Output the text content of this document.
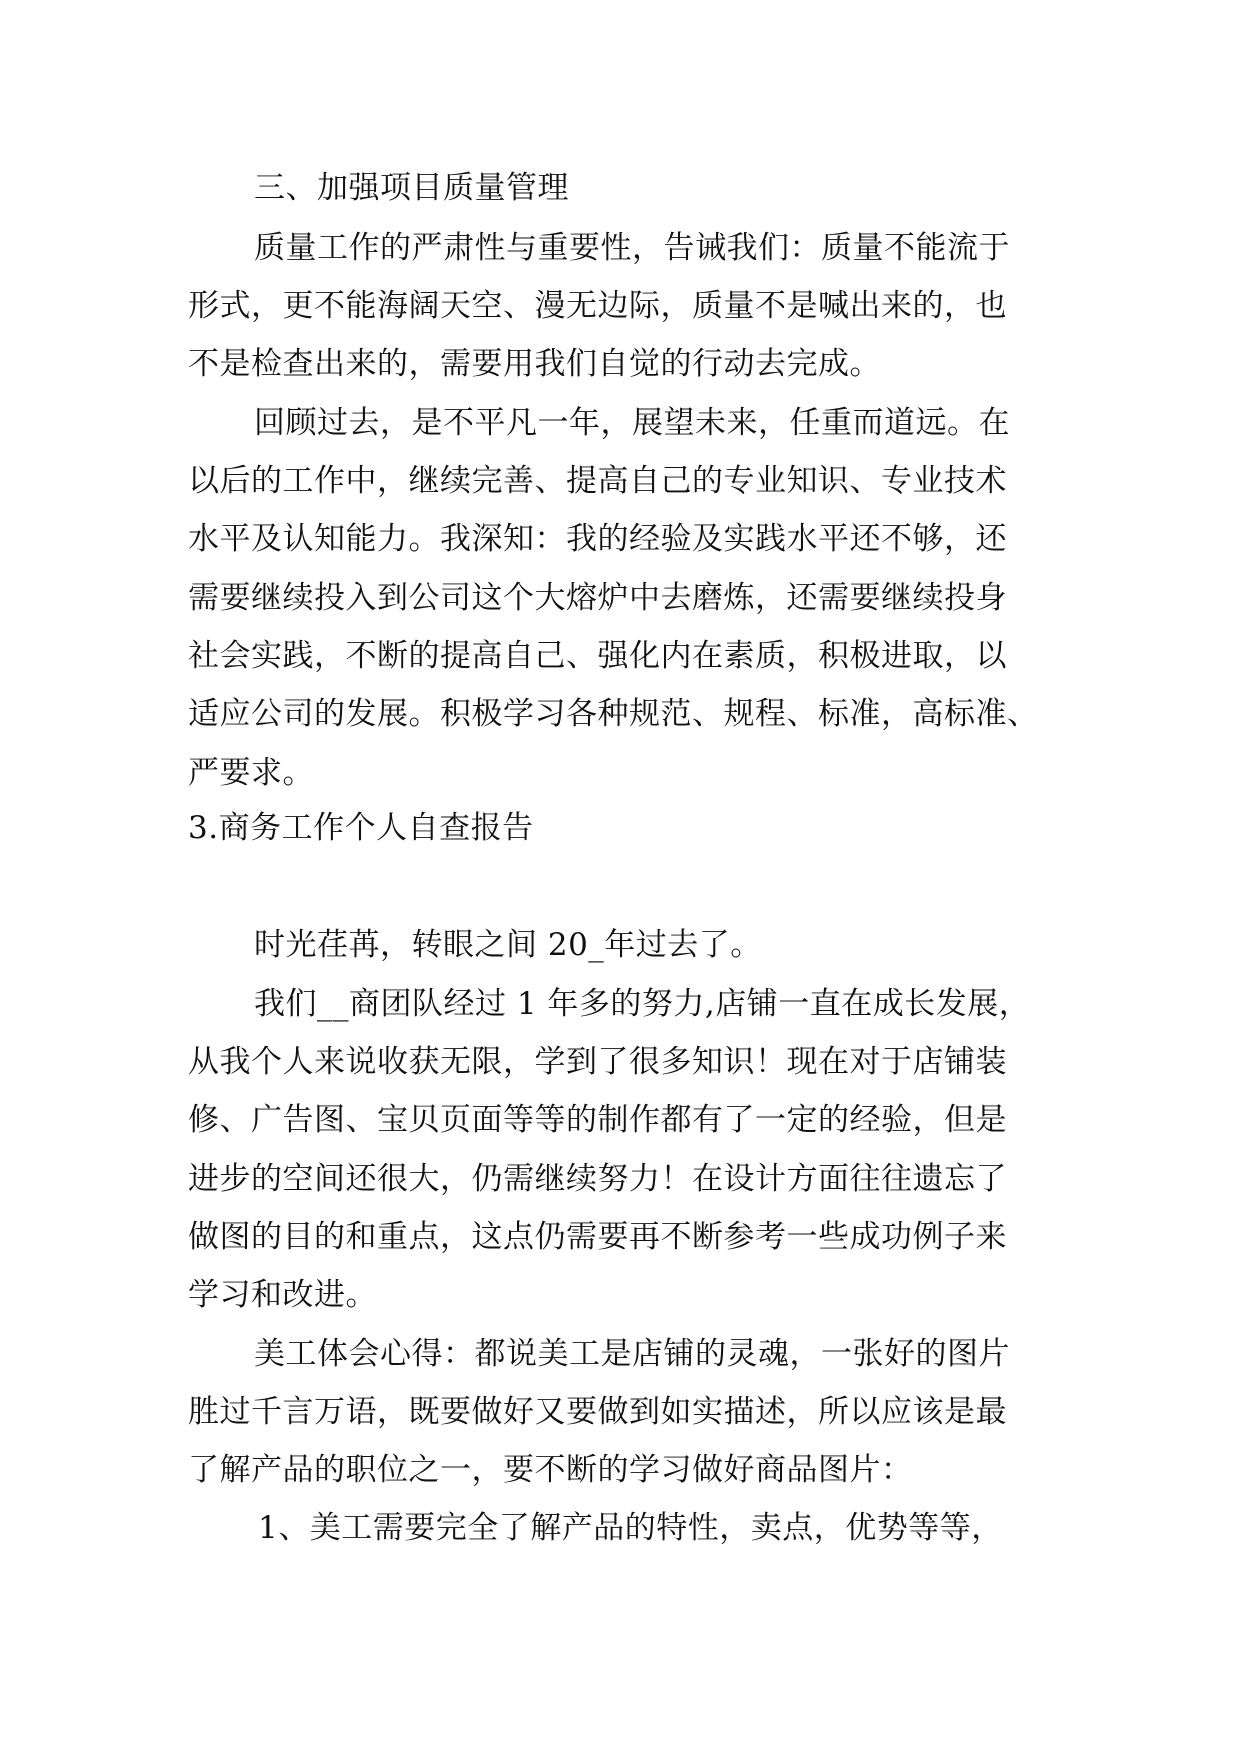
三、加强项目质量管理
质量工作的严肃性与重要性，告诫我们：质量不能流于
形式，更不能海阔天空、漫无边际，质量不是喊出来的，也
不是检查出来的，需要用我们自觉的行动去完成。
回顾过去，是不平凡一年，展望未来，任重而道远。在
以后的工作中，继续完善、提高自己的专业知识、专业技术
水平及认知能力。我深知：我的经验及实践水平还不够，还
需要继续投入到公司这个大熔炉中去磨炼，还需要继续投身
社会实践，不断的提高自己、强化内在素质，积极进取，以
适应公司的发展。积极学习各种规范、规程、标准，高标准、
严要求。
3.商务工作个人自查报告
时光荏苒，转眼之间 20_年过去了。
我们__商团队经过 1 年多的努力,店铺一直在成长发展，
从我个人来说收获无限，学到了很多知识！现在对于店铺装
修、广告图、宝贝页面等等的制作都有了一定的经验，但是
进步的空间还很大，仍需继续努力！在设计方面往往遗忘了
做图的目的和重点，这点仍需要再不断参考一些成功例子来
学习和改进。
美工体会心得：都说美工是店铺的灵魂，一张好的图片
胜过千言万语，既要做好又要做到如实描述，所以应该是最
了解产品的职位之一，要不断的学习做好商品图片：
1、美工需要完全了解产品的特性，卖点，优势等等，
